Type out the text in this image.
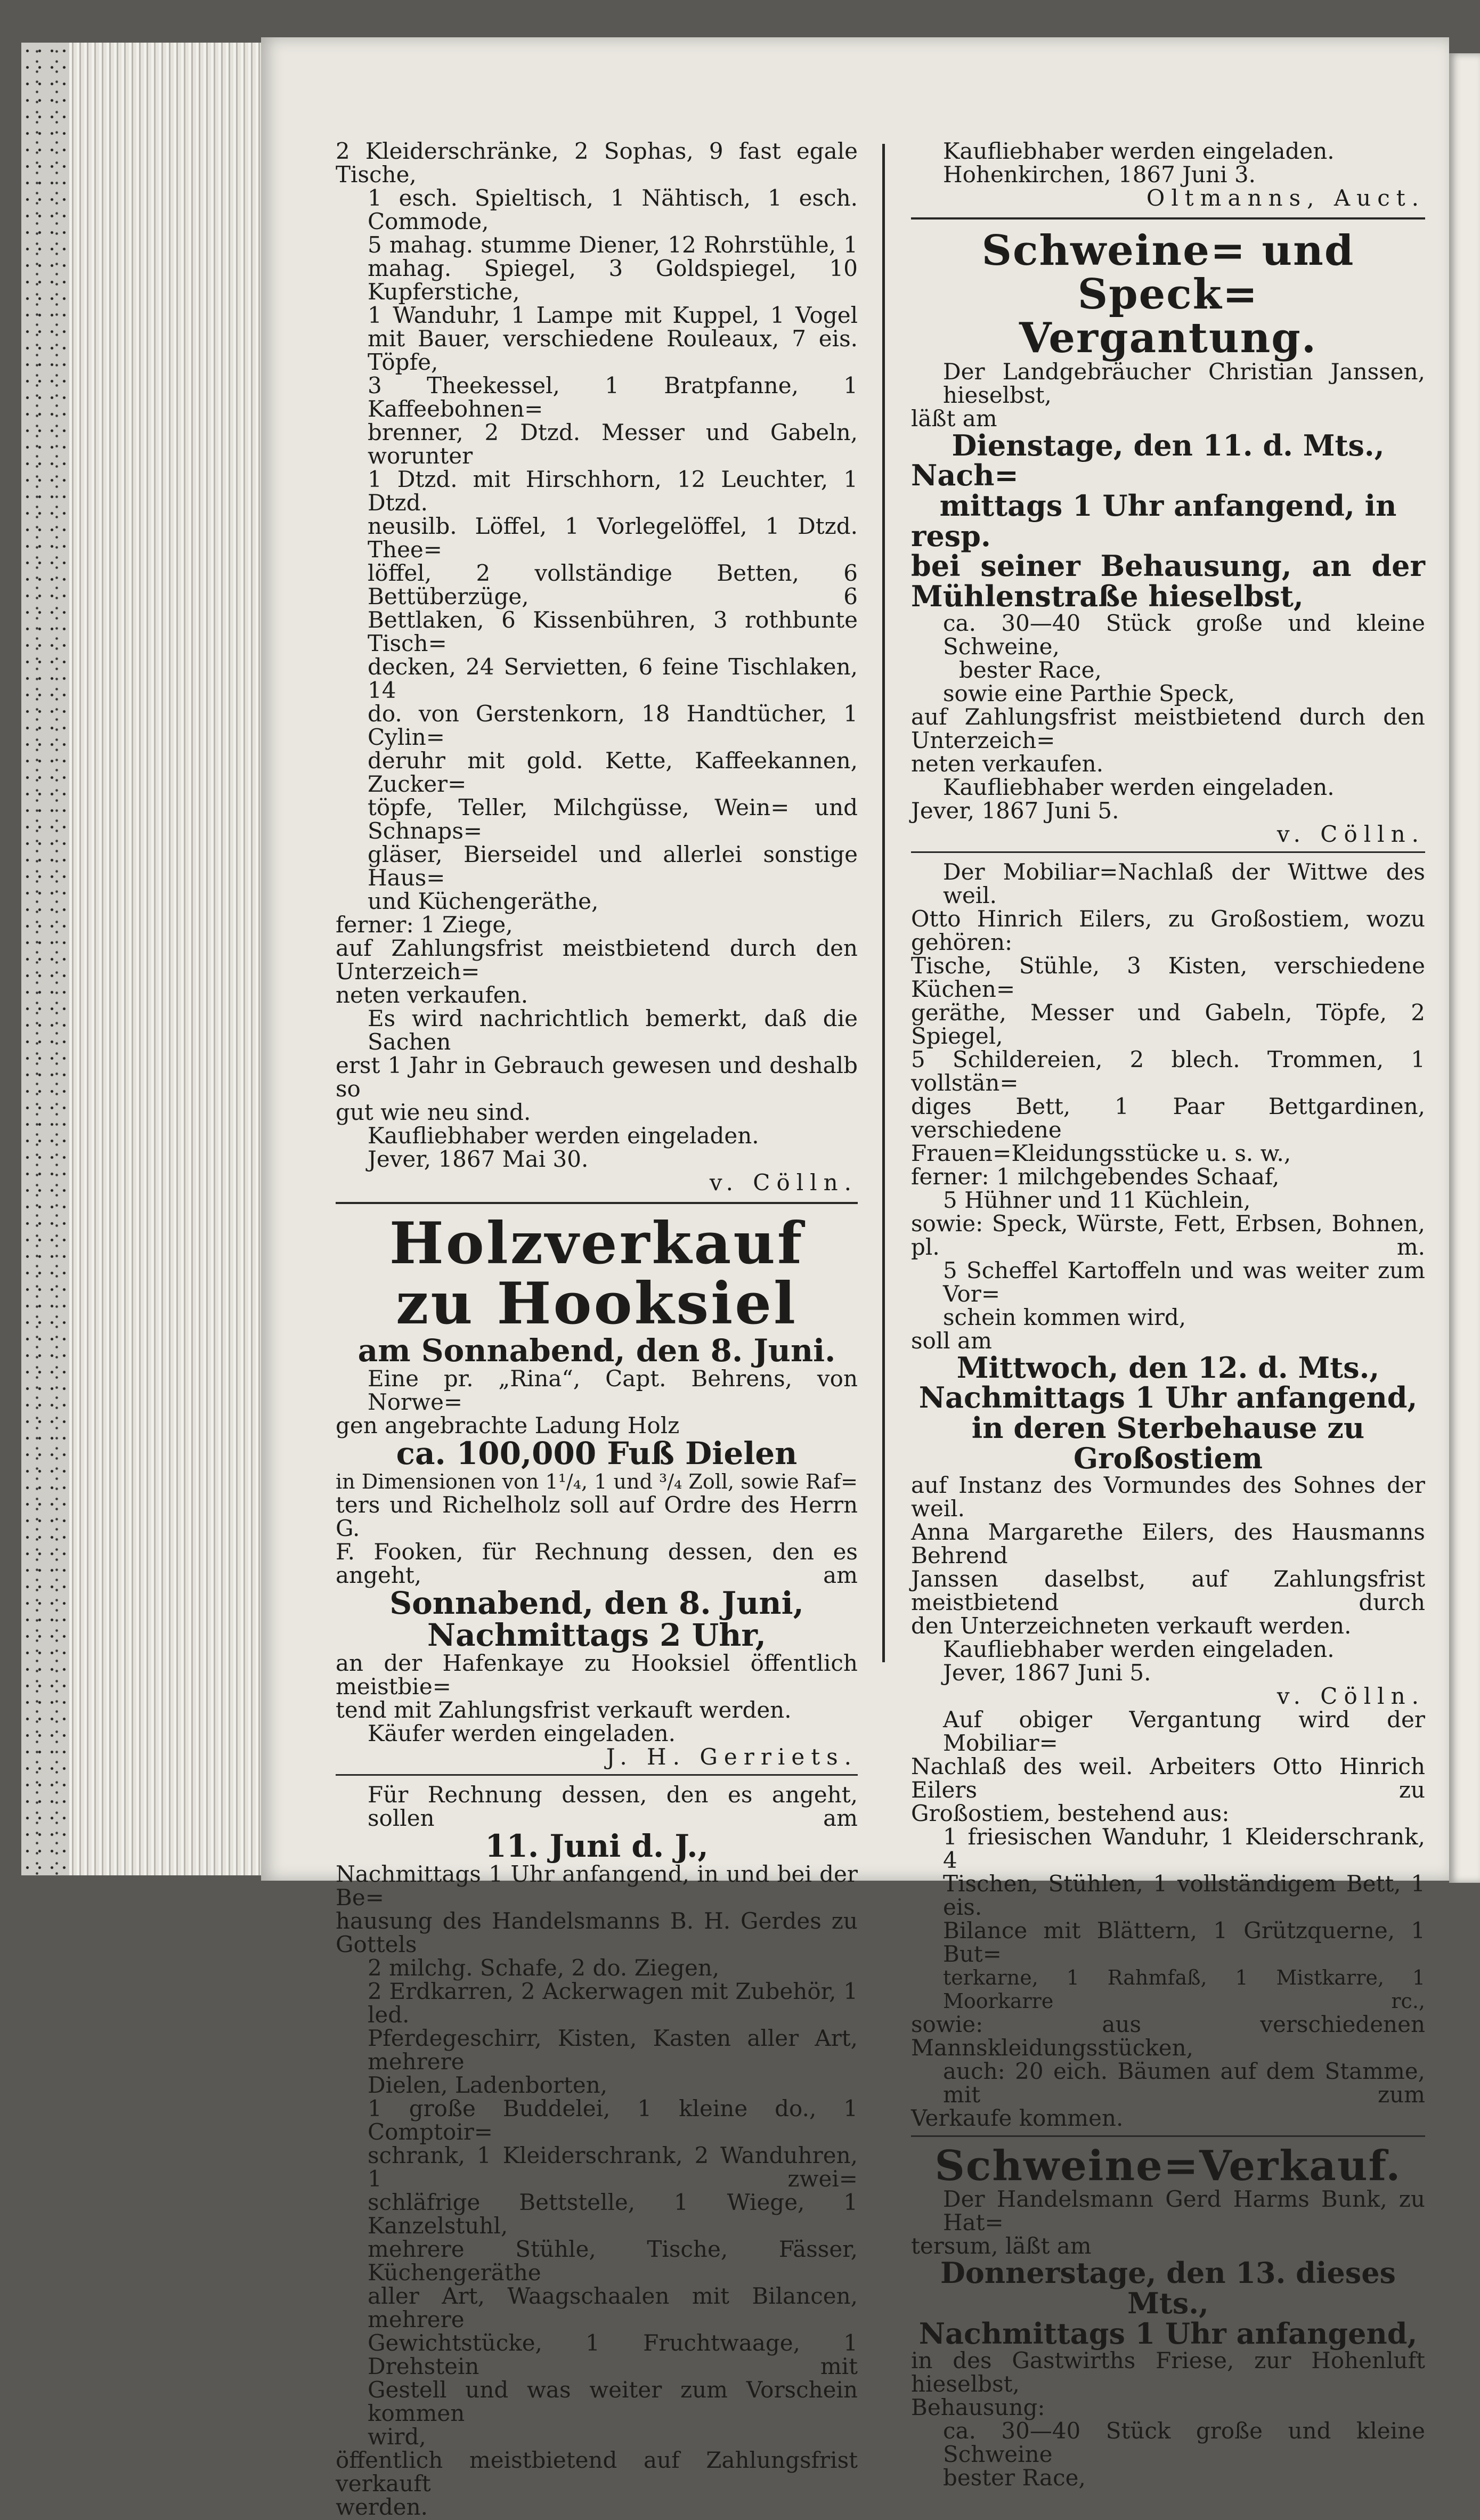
2 Kleiderschränke, 2 Sophas, 9 fast egale Tische,

1 esch. Spieltisch, 1 Nähtisch, 1 esch. Commode,

5 mahag. stumme Diener, 12 Rohrstühle, 1

mahag. Spiegel, 3 Goldspiegel, 10 Kupferstiche,

1 Wanduhr, 1 Lampe mit Kuppel, 1 Vogel

mit Bauer, verschiedene Rouleaux, 7 eis. Töpfe,

3 Theekessel, 1 Bratpfanne, 1 Kaffeebohnen=

brenner, 2 Dtzd. Messer und Gabeln, worunter

1 Dtzd. mit Hirschhorn, 12 Leuchter, 1 Dtzd.

neusilb. Löffel, 1 Vorlegelöffel, 1 Dtzd. Thee=

löffel, 2 vollständige Betten, 6 Bettüberzüge, 6

Bettlaken, 6 Kissenbühren, 3 rothbunte Tisch=

decken, 24 Servietten, 6 feine Tischlaken, 14

do. von Gerstenkorn, 18 Handtücher, 1 Cylin=

deruhr mit gold. Kette, Kaffeekannen, Zucker=

töpfe, Teller, Milchgüsse, Wein= und Schnaps=

gläser, Bierseidel und allerlei sonstige Haus=

und Küchengeräthe,

ferner: 1 Ziege,

auf Zahlungsfrist meistbietend durch den Unterzeich=

neten verkaufen.

Es wird nachrichtlich bemerkt, daß die Sachen

erst 1 Jahr in Gebrauch gewesen und deshalb so

gut wie neu sind.

Kaufliebhaber werden eingeladen.

Jever, 1867 Mai 30.

v. Cölln.

Holzverkauf
zu Hooksiel
am Sonnabend, den 8. Juni.

Eine pr. „Rina“, Capt. Behrens, von Norwe=

gen angebrachte Ladung Holz

ca. 100,000 Fuß Dielen

in Dimensionen von 1¹/₄, 1 und ³/₄ Zoll, sowie Raf=

ters und Richelholz soll auf Ordre des Herrn G.

F. Fooken, für Rechnung dessen, den es angeht, am

Sonnabend, den 8. Juni,
Nachmittags 2 Uhr,

an der Hafenkaye zu Hooksiel öffentlich meistbie=

tend mit Zahlungsfrist verkauft werden.

Käufer werden eingeladen.

J. H. Gerriets.

Für Rechnung dessen, den es angeht, sollen am

11. Juni d. J.,

Nachmittags 1 Uhr anfangend, in und bei der Be=

hausung des Handelsmanns B. H. Gerdes zu

Gottels

2 milchg. Schafe, 2 do. Ziegen,

2 Erdkarren, 2 Ackerwagen mit Zubehör, 1 led.

Pferdegeschirr, Kisten, Kasten aller Art, mehrere

Dielen, Ladenborten,

1 große Buddelei, 1 kleine do., 1 Comptoir=

schrank, 1 Kleiderschrank, 2 Wanduhren, 1 zwei=

schläfrige Bettstelle, 1 Wiege, 1 Kanzelstuhl,

mehrere Stühle, Tische, Fässer, Küchengeräthe

aller Art, Waagschaalen mit Bilancen, mehrere

Gewichtstücke, 1 Fruchtwaage, 1 Drehstein mit

Gestell und was weiter zum Vorschein kommen

wird,

öffentlich meistbietend auf Zahlungsfrist verkauft

werden.

Kaufliebhaber werden eingeladen.

Hohenkirchen, 1867 Juni 3.

Oltmanns, Auct.

Schweine= und Speck=
Vergantung.

Der Landgebräucher Christian Janssen, hieselbst,

läßt am

Dienstage, den 11. d. Mts., Nach=
mittags 1 Uhr anfangend, in resp.
bei seiner Behausung, an der
Mühlenstraße hieselbst,

ca. 30—40 Stück große und kleine Schweine,

bester Race,

sowie eine Parthie Speck,

auf Zahlungsfrist meistbietend durch den Unterzeich=

neten verkaufen.

Kaufliebhaber werden eingeladen.

Jever, 1867 Juni 5.

v. Cölln.

Der Mobiliar=Nachlaß der Wittwe des weil.

Otto Hinrich Eilers, zu Großostiem, wozu gehören:

Tische, Stühle, 3 Kisten, verschiedene Küchen=

geräthe, Messer und Gabeln, Töpfe, 2 Spiegel,

5 Schildereien, 2 blech. Trommen, 1 vollstän=

diges Bett, 1 Paar Bettgardinen, verschiedene

Frauen=Kleidungsstücke u. s. w.,

ferner: 1 milchgebendes Schaaf,

5 Hühner und 11 Küchlein,

sowie: Speck, Würste, Fett, Erbsen, Bohnen, pl. m.

5 Scheffel Kartoffeln und was weiter zum Vor=

schein kommen wird,

soll am

Mittwoch, den 12. d. Mts.,
Nachmittags 1 Uhr anfangend,
in deren Sterbehause zu Großostiem

auf Instanz des Vormundes des Sohnes der weil.

Anna Margarethe Eilers, des Hausmanns Behrend

Janssen daselbst, auf Zahlungsfrist meistbietend durch

den Unterzeichneten verkauft werden.

Kaufliebhaber werden eingeladen.

Jever, 1867 Juni 5.

v. Cölln.

Auf obiger Vergantung wird der Mobiliar=

Nachlaß des weil. Arbeiters Otto Hinrich Eilers zu

Großostiem, bestehend aus:

1 friesischen Wanduhr, 1 Kleiderschrank, 4

Tischen, Stühlen, 1 vollständigem Bett, 1 eis.

Bilance mit Blättern, 1 Grützquerne, 1 But=

terkarne, 1 Rahmfaß, 1 Mistkarre, 1 Moorkarre rc.,

sowie: aus verschiedenen Mannskleidungsstücken,

auch: 20 eich. Bäumen auf dem Stamme, mit zum

Verkaufe kommen.

Schweine=Verkauf.

Der Handelsmann Gerd Harms Bunk, zu Hat=

tersum, läßt am

Donnerstage, den 13. dieses Mts.,
Nachmittags 1 Uhr anfangend,

in des Gastwirths Friese, zur Hohenluft hieselbst,

Behausung:

ca. 30—40 Stück große und kleine Schweine

bester Race,
